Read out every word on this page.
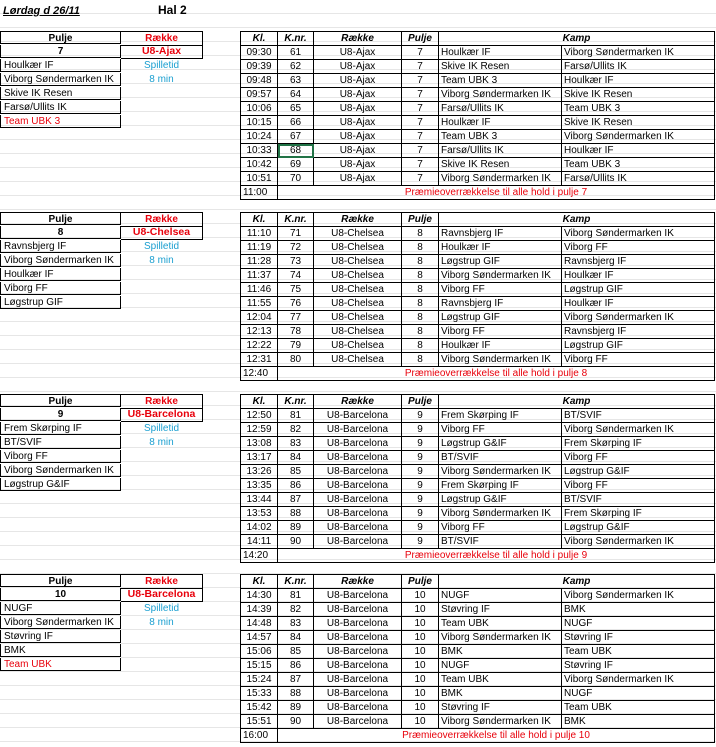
Lørdag d 26/11	Hal 2
Pulje	Række
7	U8-Ajax
Houlkær IF	Spilletid
Viborg Søndermarken IK	8 min
Skive IK Resen
Farsø/Ullits IK
Team UBK 3
Kl.	K.nr.	Række	Pulje	Kamp	
09:30	61	U8-Ajax	7	Houlkær IF	Viborg Søndermarken IK
09:39	62	U8-Ajax	7	Skive IK Resen	Farsø/Ullits IK
09:48	63	U8-Ajax	7	Team UBK 3	Houlkær IF
09:57	64	U8-Ajax	7	Viborg Søndermarken IK	Skive IK Resen
10:06	65	U8-Ajax	7	Farsø/Ullits IK	Team UBK 3
10:15	66	U8-Ajax	7	Houlkær IF	Skive IK Resen
10:24	67	U8-Ajax	7	Team UBK 3	Viborg Søndermarken IK
10:33	68	U8-Ajax	7	Farsø/Ullits IK	Houlkær IF
10:42	69	U8-Ajax	7	Skive IK Resen	Team UBK 3
10:51	70	U8-Ajax	7	Viborg Søndermarken IK	Farsø/Ullits IK
11:00	Præmieoverrækkelse til alle hold i pulje 7				
Pulje	Række
8	U8-Chelsea
Ravnsbjerg IF	Spilletid
Viborg Søndermarken IK	8 min
Houlkær IF
Viborg FF
Løgstrup GIF
Kl.	K.nr.	Række	Pulje	Kamp	
11:10	71	U8-Chelsea	8	Ravnsbjerg IF	Viborg Søndermarken IK
11:19	72	U8-Chelsea	8	Houlkær IF	Viborg FF
11:28	73	U8-Chelsea	8	Løgstrup GIF	Ravnsbjerg IF
11:37	74	U8-Chelsea	8	Viborg Søndermarken IK	Houlkær IF
11:46	75	U8-Chelsea	8	Viborg FF	Løgstrup GIF
11:55	76	U8-Chelsea	8	Ravnsbjerg IF	Houlkær IF
12:04	77	U8-Chelsea	8	Løgstrup GIF	Viborg Søndermarken IK
12:13	78	U8-Chelsea	8	Viborg FF	Ravnsbjerg IF
12:22	79	U8-Chelsea	8	Houlkær IF	Løgstrup GIF
12:31	80	U8-Chelsea	8	Viborg Søndermarken IK	Viborg FF
12:40	Præmieoverrækkelse til alle hold i pulje 8				
Pulje	Række
9	U8-Barcelona
Frem Skørping IF	Spilletid
BT/SVIF	8 min
Viborg FF
Viborg Søndermarken IK
Løgstrup G&IF
Kl.	K.nr.	Række	Pulje	Kamp	
12:50	81	U8-Barcelona	9	Frem Skørping IF	BT/SVIF
12:59	82	U8-Barcelona	9	Viborg FF	Viborg Søndermarken IK
13:08	83	U8-Barcelona	9	Løgstrup G&IF	Frem Skørping IF
13:17	84	U8-Barcelona	9	BT/SVIF	Viborg FF
13:26	85	U8-Barcelona	9	Viborg Søndermarken IK	Løgstrup G&IF
13:35	86	U8-Barcelona	9	Frem Skørping IF	Viborg FF
13:44	87	U8-Barcelona	9	Løgstrup G&IF	BT/SVIF
13:53	88	U8-Barcelona	9	Viborg Søndermarken IK	Frem Skørping IF
14:02	89	U8-Barcelona	9	Viborg FF	Løgstrup G&IF
14:11	90	U8-Barcelona	9	BT/SVIF	Viborg Søndermarken IK
14:20	Præmieoverrækkelse til alle hold i pulje 9				
Pulje	Række
10	U8-Barcelona
NUGF	Spilletid
Viborg Søndermarken IK	8 min
Støvring IF
BMK
Team UBK
Kl.	K.nr.	Række	Pulje	Kamp	
14:30	81	U8-Barcelona	10	NUGF	Viborg Søndermarken IK
14:39	82	U8-Barcelona	10	Støvring IF	BMK
14:48	83	U8-Barcelona	10	Team UBK	NUGF
14:57	84	U8-Barcelona	10	Viborg Søndermarken IK	Støvring IF
15:06	85	U8-Barcelona	10	BMK	Team UBK
15:15	86	U8-Barcelona	10	NUGF	Støvring IF
15:24	87	U8-Barcelona	10	Team UBK	Viborg Søndermarken IK
15:33	88	U8-Barcelona	10	BMK	NUGF
15:42	89	U8-Barcelona	10	Støvring IF	Team UBK
15:51	90	U8-Barcelona	10	Viborg Søndermarken IK	BMK
16:00	Præmieoverrækkelse til alle hold i pulje 10				
